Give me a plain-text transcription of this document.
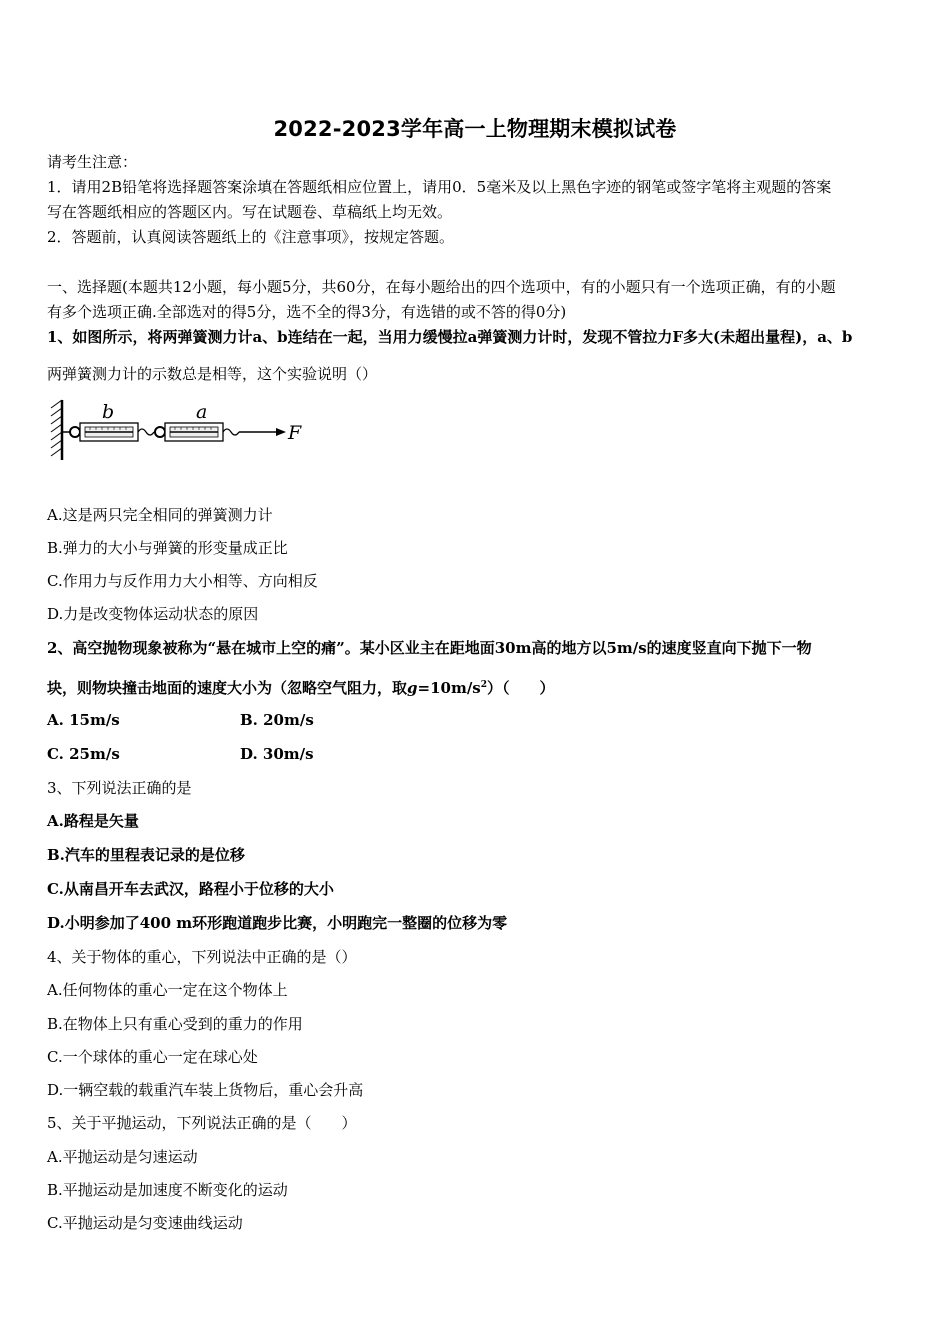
2022-2023学年高一上物理期末模拟试卷
请考生注意：
1．请用2B铅笔将选择题答案涂填在答题纸相应位置上，请用0．5毫米及以上黑色字迹的钢笔或签字笔将主观题的答案
写在答题纸相应的答题区内。写在试题卷、草稿纸上均无效。
2．答题前，认真阅读答题纸上的《注意事项》，按规定答题。
一、选择题(本题共12小题，每小题5分，共60分，在每小题给出的四个选项中，有的小题只有一个选项正确，有的小题
有多个选项正确.全部选对的得5分，选不全的得3分，有选错的或不答的得0分)
1、如图所示，将两弹簧测力计a、b连结在一起，当用力缓慢拉a弹簧测力计时，发现不管拉力F多大(未超出量程)，a、b
两弹簧测力计的示数总是相等，这个实验说明（）
b	a
F
A.这是两只完全相同的弹簧测力计
B.弹力的大小与弹簧的形变量成正比
C.作用力与反作用力大小相等、方向相反
D.力是改变物体运动状态的原因
2、高空抛物现象被称为“悬在城市上空的痛”。某小区业主在距地面30m高的地方以5m/s的速度竖直向下抛下一物
块，则物块撞击地面的速度大小为（忽略空气阻力，取$g=10m/s^2$）（　　）
A. 15m/s	B. 20m/s
C. 25m/s	D. 30m/s
3、下列说法正确的是
A.路程是矢量
B.汽车的里程表记录的是位移
C.从南昌开车去武汉，路程小于位移的大小
D.小明参加了400 m环形跑道跑步比赛，小明跑完一整圈的位移为零
4、关于物体的重心，下列说法中正确的是（）
A.任何物体的重心一定在这个物体上
B.在物体上只有重心受到的重力的作用
C.一个球体的重心一定在球心处
D.一辆空载的载重汽车装上货物后，重心会升高
5、关于平抛运动，下列说法正确的是（　　）
A.平抛运动是匀速运动
B.平抛运动是加速度不断变化的运动
C.平抛运动是匀变速曲线运动
